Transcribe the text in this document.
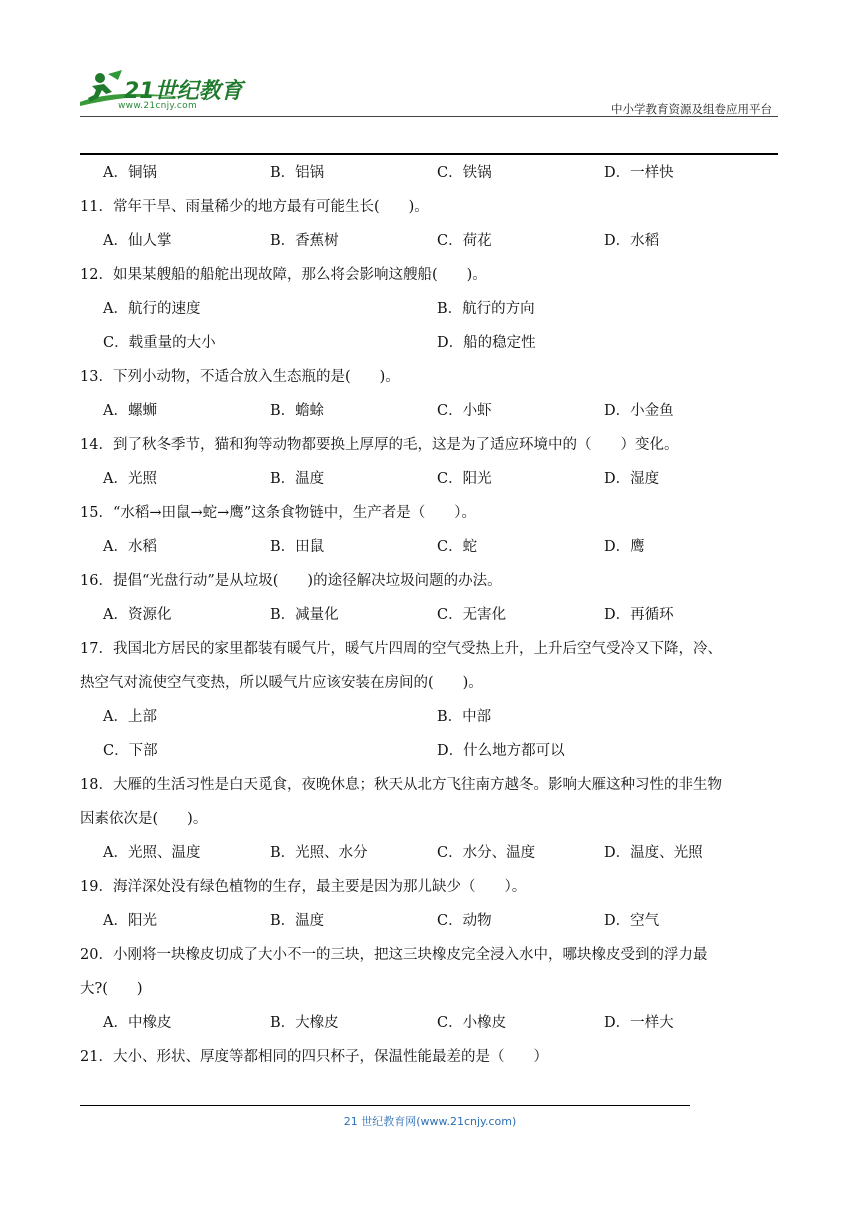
21世纪教育
www.21cnjy.com	中小学教育资源及组卷应用平台
A．铜锅	B．铝锅	C．铁锅	D．一样快

11．常年干旱、雨量稀少的地方最有可能生长(　　)。

A．仙人掌	B．香蕉树	C．荷花	D．水稻

12．如果某艘船的船舵出现故障，那么将会影响这艘船(　　)。

A．航行的速度	B．航行的方向
C．载重量的大小	D．船的稳定性

13．下列小动物，不适合放入生态瓶的是(　　)。

A．螺蛳	B．蟾蜍	C．小虾	D．小金鱼

14．到了秋冬季节，猫和狗等动物都要换上厚厚的毛，这是为了适应环境中的（　　）变化。

A．光照	B．温度	C．阳光	D．湿度

15．“水稻→田鼠→蛇→鹰”这条食物链中，生产者是（　　）。

A．水稻	B．田鼠	C．蛇	D．鹰

16．提倡“光盘行动”是从垃圾(　　)的途径解决垃圾问题的办法。

A．资源化	B．减量化	C．无害化	D．再循环

17．我国北方居民的家里都装有暖气片，暖气片四周的空气受热上升，上升后空气受冷又下降，冷、

热空气对流使空气变热，所以暖气片应该安装在房间的(　　)。

A．上部	B．中部
C．下部	D．什么地方都可以

18．大雁的生活习性是白天觅食，夜晚休息；秋天从北方飞往南方越冬。影响大雁这种习性的非生物

因素依次是(　　)。

A．光照、温度	B．光照、水分	C．水分、温度	D．温度、光照

19．海洋深处没有绿色植物的生存，最主要是因为那儿缺少（　　）。

A．阳光	B．温度	C．动物	D．空气

20．小刚将一块橡皮切成了大小不一的三块，把这三块橡皮完全浸入水中，哪块橡皮受到的浮力最

大?(　　)

A．中橡皮	B．大橡皮	C．小橡皮	D．一样大

21．大小、形状、厚度等都相同的四只杯子，保温性能最差的是（　　）

21 世纪教育网(www.21cnjy.com)
